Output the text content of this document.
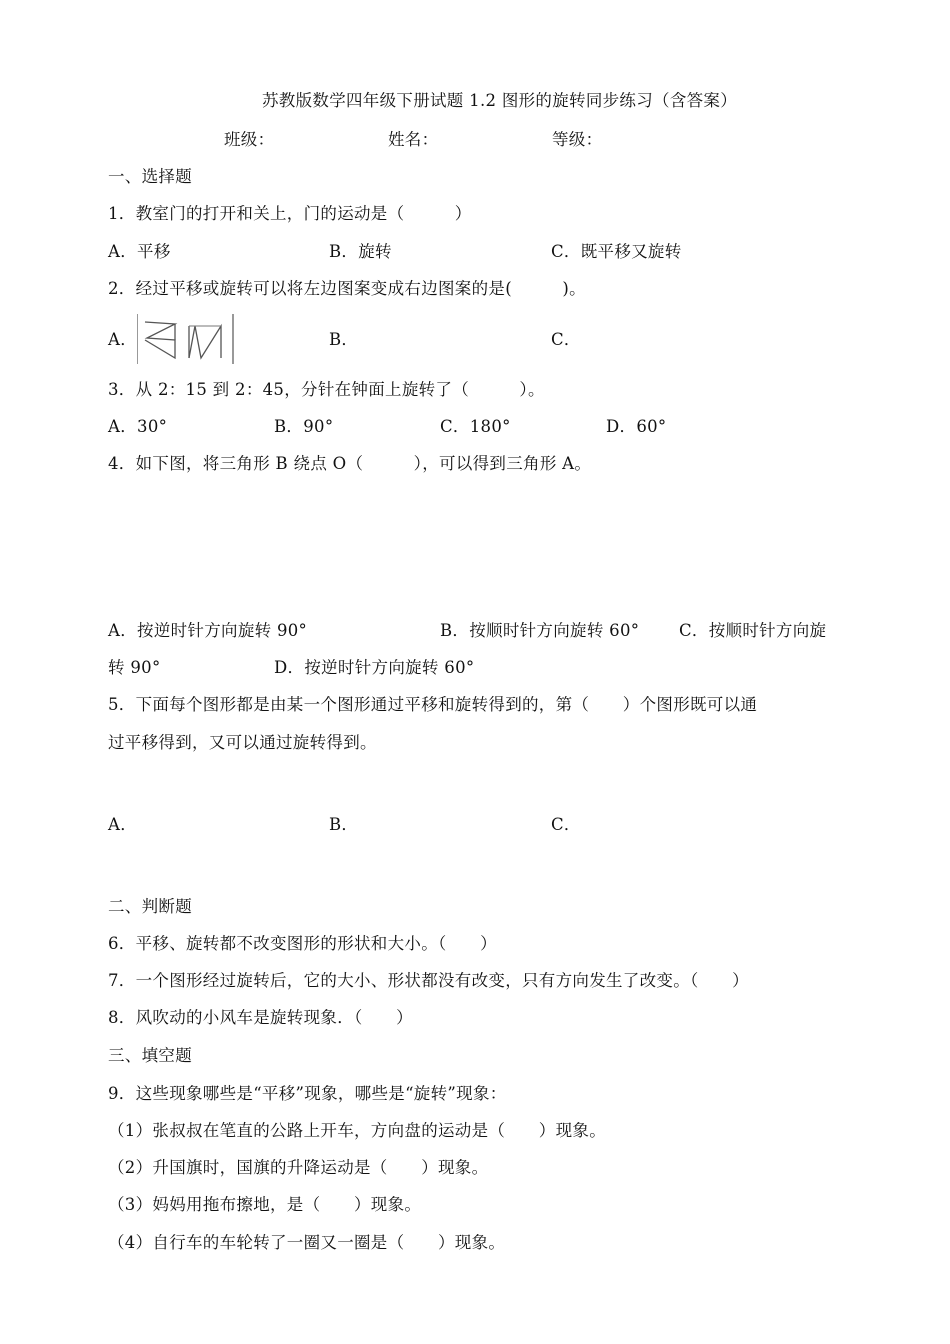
苏教版数学四年级下册试题 1.2 图形的旋转同步练习（含答案）
班级：	姓名：	等级：
一、选择题
1．教室门的打开和关上，门的运动是（　　　）
A．平移	B．旋转	C．既平移又旋转
2．经过平移或旋转可以将左边图案变成右边图案的是(　　　)。
A．	B．	C．
3．从 2：15 到 2：45，分针在钟面上旋转了（　　　）。
A．30°	B．90°	C．180°	D．60°
4．如下图，将三角形 B 绕点 O（　　　），可以得到三角形 A。
A．按逆时针方向旋转 90°	B．按顺时针方向旋转 60° C．按顺时针方向旋
转 90°	D．按逆时针方向旋转 60°
5．下面每个图形都是由某一个图形通过平移和旋转得到的，第（　　）个图形既可以通
过平移得到，又可以通过旋转得到。
A．	B．	C．
二、判断题
6．平移、旋转都不改变图形的形状和大小。（　　）
7．一个图形经过旋转后，它的大小、形状都没有改变，只有方向发生了改变。（　　）
8．风吹动的小风车是旋转现象．（　　）
三、填空题
9．这些现象哪些是“平移”现象，哪些是“旋转”现象：
（1）张叔叔在笔直的公路上开车，方向盘的运动是（　　）现象。
（2）升国旗时，国旗的升降运动是（　　）现象。
（3）妈妈用拖布擦地，是（　　）现象。
（4）自行车的车轮转了一圈又一圈是（　　）现象。
